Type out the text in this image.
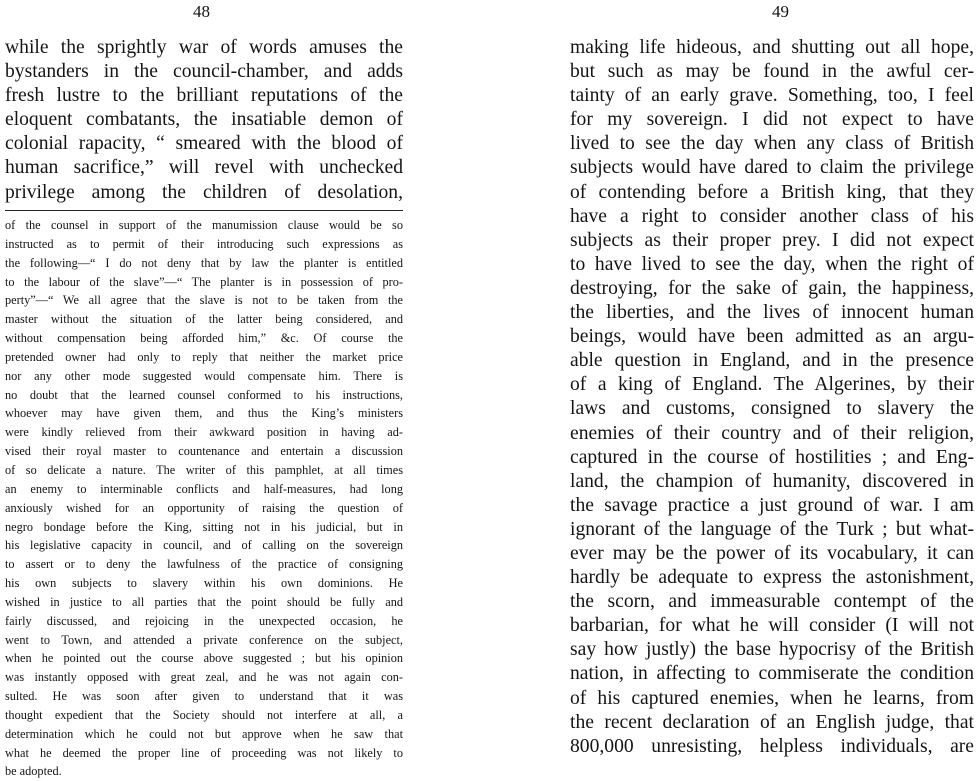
48
while the sprightly war of words amuses the
bystanders in the council-chamber, and adds
fresh lustre to the brilliant reputations of the
eloquent combatants, the insatiable demon of
colonial rapacity, “ smeared with the blood of
human sacrifice,” will revel with unchecked
privilege among the children of desolation,
of the counsel in support of the manumission clause would be so
instructed as to permit of their introducing such expressions as
the following—“ I do not deny that by law the planter is entitled
to the labour of the slave”—“ The planter is in possession of pro-
perty”—“ We all agree that the slave is not to be taken from the
master without the situation of the latter being considered, and
without compensation being afforded him,” &c. Of course the
pretended owner had only to reply that neither the market price
nor any other mode suggested would compensate him. There is
no doubt that the learned counsel conformed to his instructions,
whoever may have given them, and thus the King’s ministers
were kindly relieved from their awkward position in having ad-
vised their royal master to countenance and entertain a discussion
of so delicate a nature. The writer of this pamphlet, at all times
an enemy to interminable conflicts and half-measures, had long
anxiously wished for an opportunity of raising the question of
negro bondage before the King, sitting not in his judicial, but in
his legislative capacity in council, and of calling on the sovereign
to assert or to deny the lawfulness of the practice of consigning
his own subjects to slavery within his own dominions. He
wished in justice to all parties that the point should be fully and
fairly discussed, and rejoicing in the unexpected occasion, he
went to Town, and attended a private conference on the subject,
when he pointed out the course above suggested ; but his opinion
was instantly opposed with great zeal, and he was not again con-
sulted. He was soon after given to understand that it was
thought expedient that the Society should not interfere at all, a
determination which he could not but approve when he saw that
what he deemed the proper line of proceeding was not likely to
be adopted.
49
making life hideous, and shutting out all hope,
but such as may be found in the awful cer-
tainty of an early grave. Something, too, I feel
for my sovereign. I did not expect to have
lived to see the day when any class of British
subjects would have dared to claim the privilege
of contending before a British king, that they
have a right to consider another class of his
subjects as their proper prey. I did not expect
to have lived to see the day, when the right of
destroying, for the sake of gain, the happiness,
the liberties, and the lives of innocent human
beings, would have been admitted as an argu-
able question in England, and in the presence
of a king of England. The Algerines, by their
laws and customs, consigned to slavery the
enemies of their country and of their religion,
captured in the course of hostilities ; and Eng-
land, the champion of humanity, discovered in
the savage practice a just ground of war. I am
ignorant of the language of the Turk ; but what-
ever may be the power of its vocabulary, it can
hardly be adequate to express the astonishment,
the scorn, and immeasurable contempt of the
barbarian, for what he will consider (I will not
say how justly) the base hypocrisy of the British
nation, in affecting to commiserate the condition
of his captured enemies, when he learns, from
the recent declaration of an English judge, that
800,000 unresisting, helpless individuals, are
